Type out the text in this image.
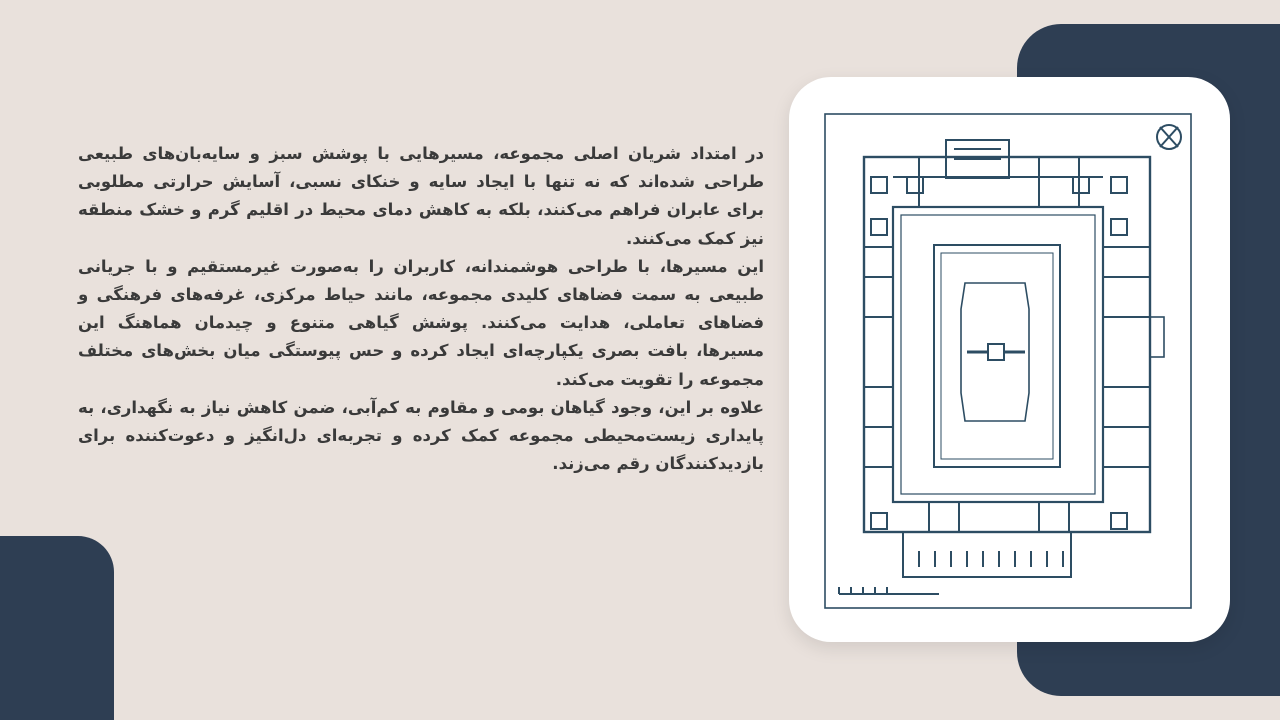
در امتداد شریان اصلی مجموعه، مسیرهایی با پوشش سبز و سایه‌بان‌های طبیعی طراحی شده‌اند که نه تنها با ایجاد سایه و خنکای نسبی، آسایش حرارتی مطلوبی برای عابران فراهم می‌کنند، بلکه به کاهش دمای محیط در اقلیم گرم و خشک منطقه نیز کمک می‌کنند.

این مسیرها، با طراحی هوشمندانه، کاربران را به‌صورت غیرمستقیم و با جریانی طبیعی به سمت فضاهای کلیدی مجموعه، مانند حیاط مرکزی، غرفه‌های فرهنگی و فضاهای تعاملی، هدایت می‌کنند. پوشش گیاهی متنوع و چیدمان هماهنگ این مسیرها، بافت بصری یکپارچه‌ای ایجاد کرده و حس پیوستگی میان بخش‌های مختلف مجموعه را تقویت می‌کند.

علاوه بر این، وجود گیاهان بومی و مقاوم به کم‌آبی، ضمن کاهش نیاز به نگهداری، به پایداری زیست‌محیطی مجموعه کمک کرده و تجربه‌ای دل‌انگیز و دعوت‌کننده برای بازدیدکنندگان رقم می‌زند.
